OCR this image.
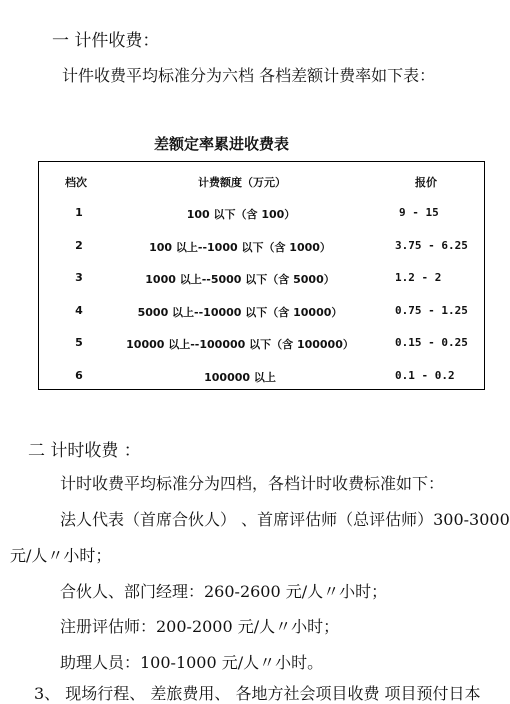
一 计件收费：
计件收费平均标准分为六档 各档差额计费率如下表：
差额定率累进收费表
档次	计费额度（万元）	报价
1	100 以下（含 100）	9 - 15
2	100 以上--1000 以下（含 1000）	3.75 - 6.25
3	1000 以上--5000 以下（含 5000）	1.2 - 2
4	5000 以上--10000 以下（含 10000）	0.75 - 1.25
5	10000 以上--100000 以下（含 100000）	0.15 - 0.25
6	100000 以上	0.1 - 0.2
二 计时收费 ：
计时收费平均标准分为四档，各档计时收费标准如下：
法人代表（首席合伙人） 、首席评估师（总评估师）300-3000
元/人〃小时；
合伙人、部门经理：260-2600 元/人〃小时；
注册评估师：200-2000 元/人〃小时；
助理人员：100-1000 元/人〃小时。
3、 现场行程、 差旅费用、 各地方社会项目收费 项目预付日本
